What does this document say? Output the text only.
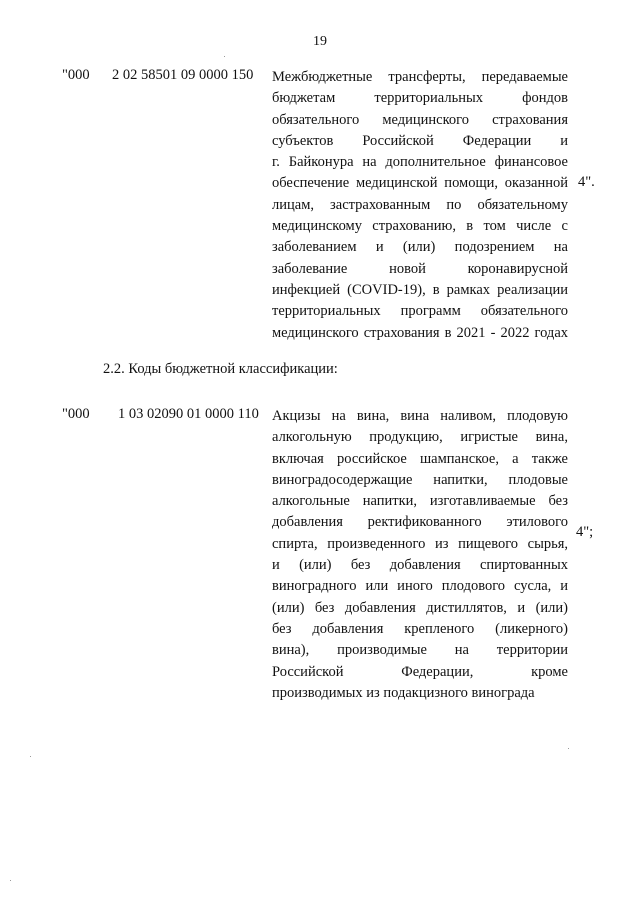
19
"000 2 02 58501 09 0000 150 Межбюджетные трансферты, передаваемые
бюджетам территориальных фондов
обязательного медицинского страхования
субъектов Российской Федерации и
г. Байконура на дополнительное финансовое
обеспечение медицинской помощи, оказанной
лицам, застрахованным по обязательному
медицинскому страхованию, в том числе с
заболеванием и (или) подозрением на
заболевание новой коронавирусной
инфекцией (COVID-19), в рамках реализации
территориальных программ обязательного
медицинского страхования в 2021 - 2022 годах
4".
2.2. Коды бюджетной классификации:
"000 1 03 02090 01 0000 110 Акцизы на вина, вина наливом, плодовую
алкогольную продукцию, игристые вина,
включая российское шампанское, а также
виноградосодержащие напитки, плодовые
алкогольные напитки, изготавливаемые без
добавления ректификованного этилового
спирта, произведенного из пищевого сырья,
и (или) без добавления спиртованных
виноградного или иного плодового сусла, и
(или) без добавления дистиллятов, и (или)
без добавления крепленого (ликерного)
вина), производимые на территории
Российской Федерации, кроме
производимых из подакцизного винограда
4";
